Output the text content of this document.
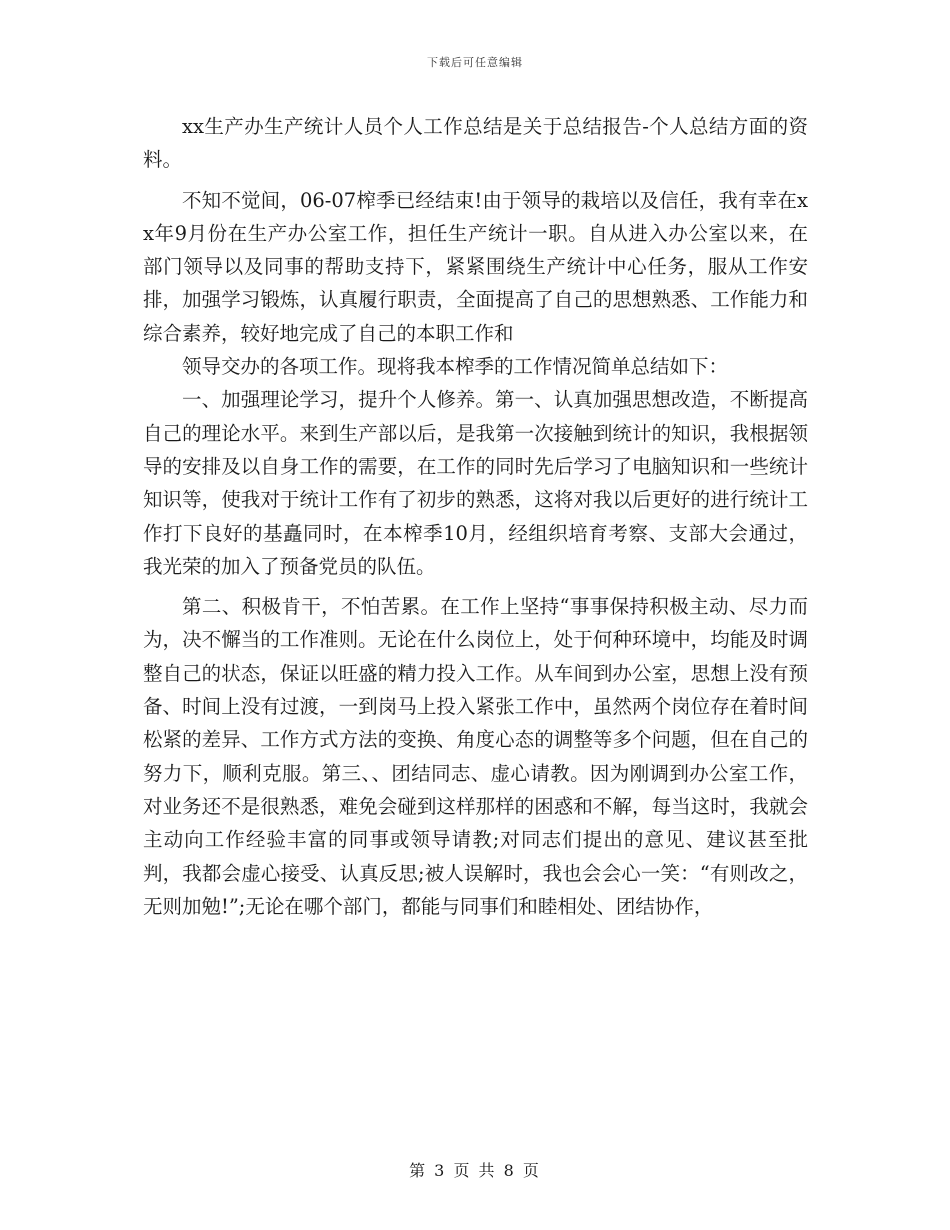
下载后可任意编辑

xx生产办生产统计人员个人工作总结是关于总结报告-个人总结方面的资料。

不知不觉间，06-07榨季已经结束!由于领导的栽培以及信任，我有幸在xx年9月份在生产办公室工作，担任生产统计一职。自从进入办公室以来，在部门领导以及同事的帮助支持下，紧紧围绕生产统计中心任务，服从工作安排，加强学习锻炼，认真履行职责，全面提高了自己的思想熟悉、工作能力和综合素养，较好地完成了自己的本职工作和

领导交办的各项工作。现将我本榨季的工作情况简单总结如下：

一、加强理论学习，提升个人修养。第一、认真加强思想改造，不断提高自己的理论水平。来到生产部以后，是我第一次接触到统计的知识，我根据领导的安排及以自身工作的需要，在工作的同时先后学习了电脑知识和一些统计知识等，使我对于统计工作有了初步的熟悉，这将对我以后更好的进行统计工作打下良好的基矗同时，在本榨季10月，经组织培育考察、支部大会通过，我光荣的加入了预备党员的队伍。

第二、积极肯干，不怕苦累。在工作上坚持“事事保持积极主动、尽力而为，决不懈当的工作准则。无论在什么岗位上，处于何种环境中，均能及时调整自己的状态，保证以旺盛的精力投入工作。从车间到办公室，思想上没有预备、时间上没有过渡，一到岗马上投入紧张工作中，虽然两个岗位存在着时间松紧的差异、工作方式方法的变换、角度心态的调整等多个问题，但在自己的努力下，顺利克服。第三、、团结同志、虚心请教。因为刚调到办公室工作，对业务还不是很熟悉，难免会碰到这样那样的困惑和不解，每当这时，我就会主动向工作经验丰富的同事或领导请教;对同志们提出的意见、建议甚至批判，我都会虚心接受、认真反思;被人误解时，我也会会心一笑：“有则改之，无则加勉!”;无论在哪个部门，都能与同事们和睦相处、团结协作，

第 3 页 共 8 页
